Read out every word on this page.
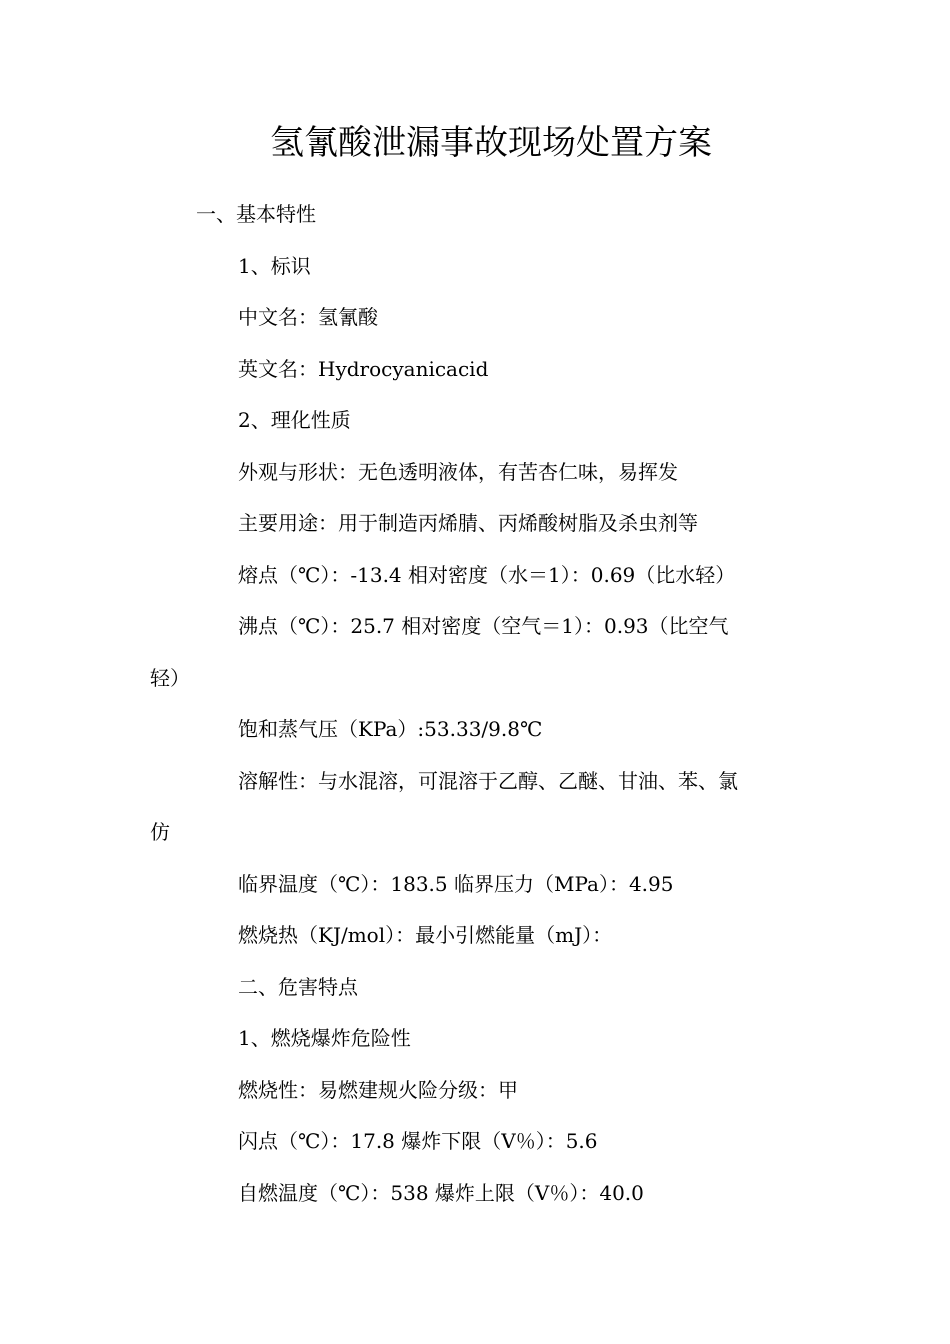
氢氰酸泄漏事故现场处置方案

一、基本特性

1、标识

中文名：氢氰酸

英文名：Hydrocyanicacid

2、理化性质

外观与形状：无色透明液体，有苦杏仁味，易挥发

主要用途：用于制造丙烯腈、丙烯酸树脂及杀虫剂等

熔点（℃）：-13.4 相对密度（水＝1）：0.69（比水轻）

沸点（℃）：25.7 相对密度（空气＝1）：0.93（比空气

轻）

饱和蒸气压（KPa）:53.33/9.8℃

溶解性：与水混溶，可混溶于乙醇、乙醚、甘油、苯、氯

仿

临界温度（℃）：183.5 临界压力（MPa）：4.95

燃烧热（KJ/mol）：最小引燃能量（mJ）：

二、危害特点

1、燃烧爆炸危险性

燃烧性：易燃建规火险分级：甲

闪点（℃）：17.8 爆炸下限（V％）：5.6

自燃温度（℃）：538 爆炸上限（V％）：40.0
